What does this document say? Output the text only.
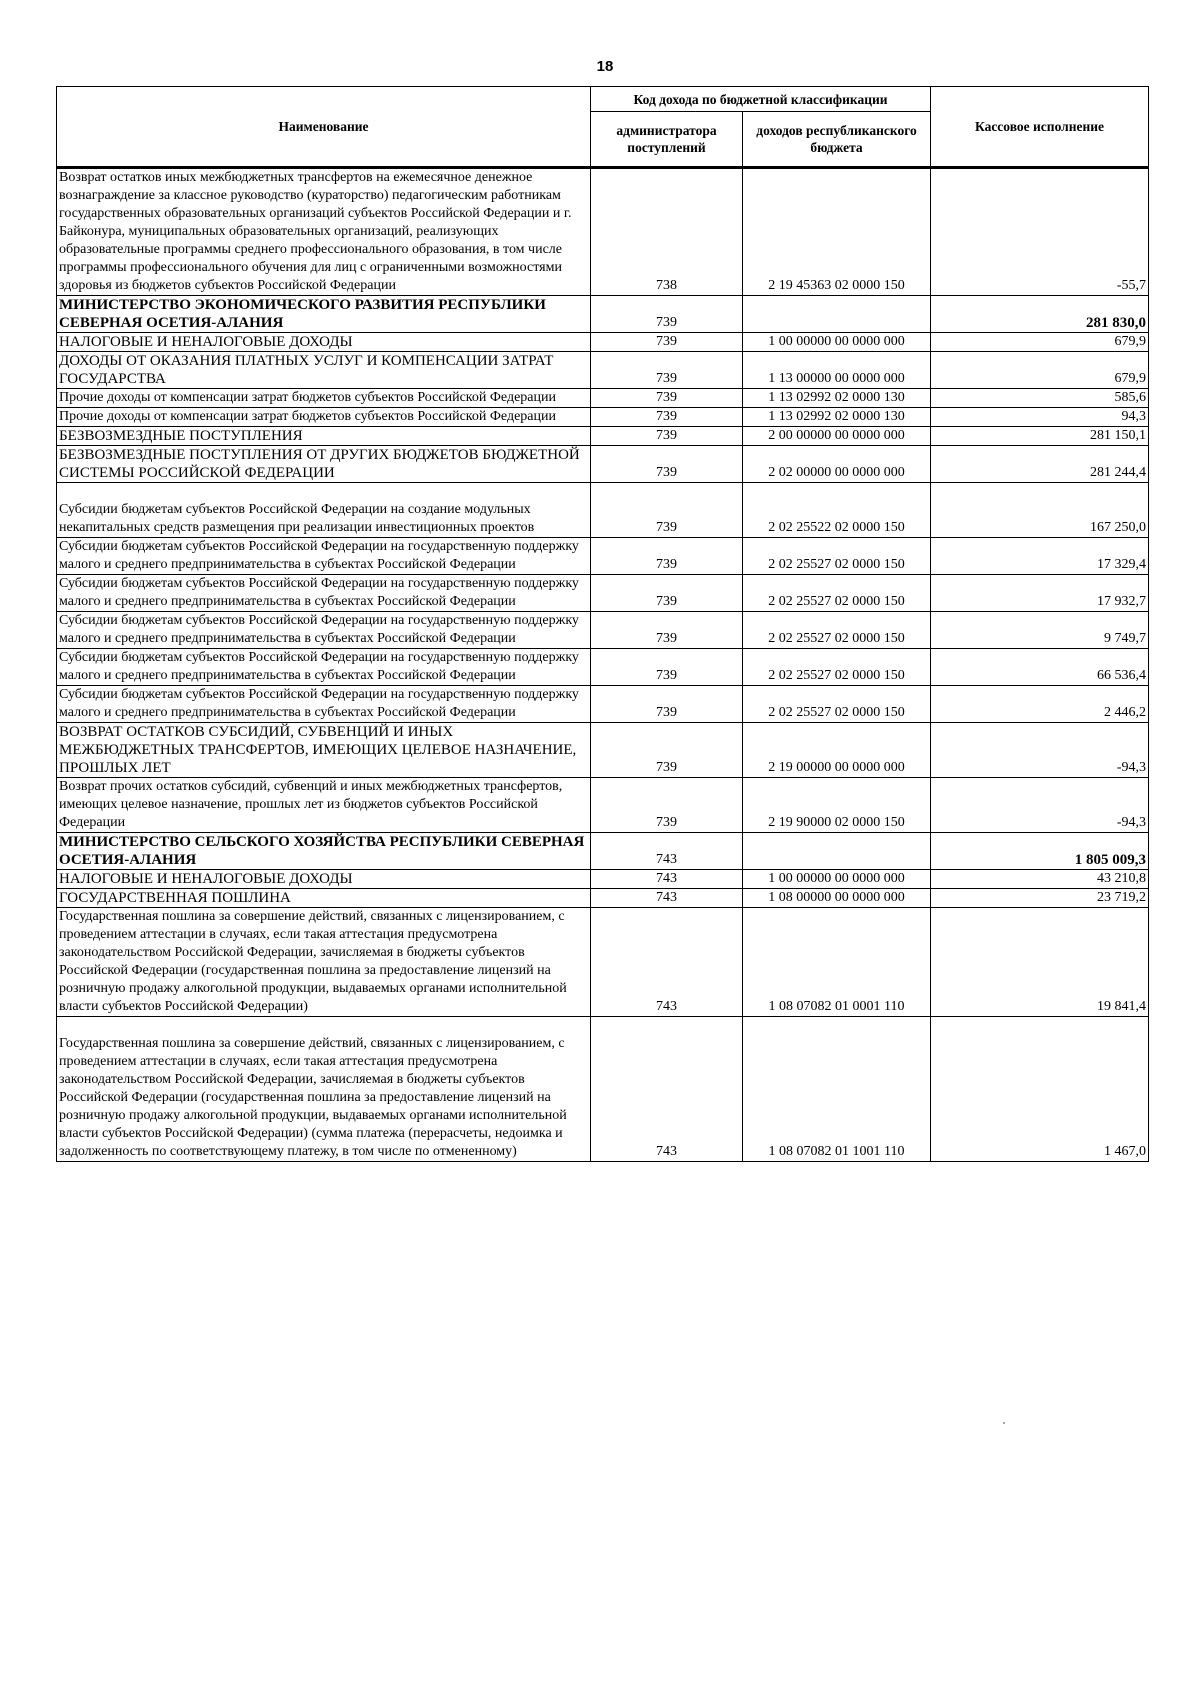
18
Наименование	Код дохода по бюджетной классификации		Кассовое исполнение
	администратора поступлений	доходов республиканского бюджета	
Возврат остатков иных межбюджетных трансфертов на ежемесячное денежное вознаграждение за классное руководство (кураторство) педагогическим работникам государственных образовательных организаций субъектов Российской Федерации и г. Байконура, муниципальных образовательных организаций, реализующих образовательные программы среднего профессионального образования, в том числе программы профессионального обучения для лиц с ограниченными возможностями здоровья из бюджетов субъектов Российской Федерации	738	2 19 45363 02 0000 150	-55,7
МИНИСТЕРСТВО ЭКОНОМИЧЕСКОГО РАЗВИТИЯ РЕСПУБЛИКИ СЕВЕРНАЯ ОСЕТИЯ-АЛАНИЯ	739		281 830,0
НАЛОГОВЫЕ И НЕНАЛОГОВЫЕ ДОХОДЫ	739	1 00 00000 00 0000 000	679,9
ДОХОДЫ ОТ ОКАЗАНИЯ ПЛАТНЫХ УСЛУГ И КОМПЕНСАЦИИ ЗАТРАТ ГОСУДАРСТВА	739	1 13 00000 00 0000 000	679,9
Прочие доходы от компенсации затрат бюджетов субъектов Российской Федерации	739	1 13 02992 02 0000 130	585,6
Прочие доходы от компенсации затрат бюджетов субъектов Российской Федерации	739	1 13 02992 02 0000 130	94,3
БЕЗВОЗМЕЗДНЫЕ ПОСТУПЛЕНИЯ	739	2 00 00000 00 0000 000	281 150,1
БЕЗВОЗМЕЗДНЫЕ ПОСТУПЛЕНИЯ ОТ ДРУГИХ БЮДЖЕТОВ БЮДЖЕТНОЙ СИСТЕМЫ РОССИЙСКОЙ ФЕДЕРАЦИИ	739	2 02 00000 00 0000 000	281 244,4
Субсидии бюджетам субъектов Российской Федерации на создание модульных некапитальных средств размещения при реализации инвестиционных проектов	739	2 02 25522 02 0000 150	167 250,0
Субсидии бюджетам субъектов Российской Федерации на государственную поддержку малого и среднего предпринимательства в субъектах Российской Федерации	739	2 02 25527 02 0000 150	17 329,4
Субсидии бюджетам субъектов Российской Федерации на государственную поддержку малого и среднего предпринимательства в субъектах Российской Федерации	739	2 02 25527 02 0000 150	17 932,7
Субсидии бюджетам субъектов Российской Федерации на государственную поддержку малого и среднего предпринимательства в субъектах Российской Федерации	739	2 02 25527 02 0000 150	9 749,7
Субсидии бюджетам субъектов Российской Федерации на государственную поддержку малого и среднего предпринимательства в субъектах Российской Федерации	739	2 02 25527 02 0000 150	66 536,4
Субсидии бюджетам субъектов Российской Федерации на государственную поддержку малого и среднего предпринимательства в субъектах Российской Федерации	739	2 02 25527 02 0000 150	2 446,2
ВОЗВРАТ ОСТАТКОВ СУБСИДИЙ, СУБВЕНЦИЙ И ИНЫХ МЕЖБЮДЖЕТНЫХ ТРАНСФЕРТОВ, ИМЕЮЩИХ ЦЕЛЕВОЕ НАЗНАЧЕНИЕ, ПРОШЛЫХ ЛЕТ	739	2 19 00000 00 0000 000	-94,3
Возврат прочих остатков субсидий, субвенций и иных межбюджетных трансфертов, имеющих целевое назначение, прошлых лет из бюджетов субъектов Российской Федерации	739	2 19 90000 02 0000 150	-94,3
МИНИСТЕРСТВО СЕЛЬСКОГО ХОЗЯЙСТВА РЕСПУБЛИКИ СЕВЕРНАЯ ОСЕТИЯ-АЛАНИЯ	743		1 805 009,3
НАЛОГОВЫЕ И НЕНАЛОГОВЫЕ ДОХОДЫ	743	1 00 00000 00 0000 000	43 210,8
ГОСУДАРСТВЕННАЯ ПОШЛИНА	743	1 08 00000 00 0000 000	23 719,2
Государственная пошлина за совершение действий, связанных с лицензированием, с проведением аттестации в случаях, если такая аттестация предусмотрена законодательством Российской Федерации, зачисляемая в бюджеты субъектов Российской Федерации (государственная пошлина за предоставление лицензий на розничную продажу алкогольной продукции, выдаваемых органами исполнительной власти субъектов Российской Федерации)	743	1 08 07082 01 0001 110	19 841,4
Государственная пошлина за совершение действий, связанных с лицензированием, с проведением аттестации в случаях, если такая аттестация предусмотрена законодательством Российской Федерации, зачисляемая в бюджеты субъектов Российской Федерации (государственная пошлина за предоставление лицензий на розничную продажу алкогольной продукции, выдаваемых органами исполнительной власти субъектов Российской Федерации) (сумма платежа (перерасчеты, недоимка и задолженность по соответствующему платежу, в том числе по отмененному)	743	1 08 07082 01 1001 110	1 467,0
